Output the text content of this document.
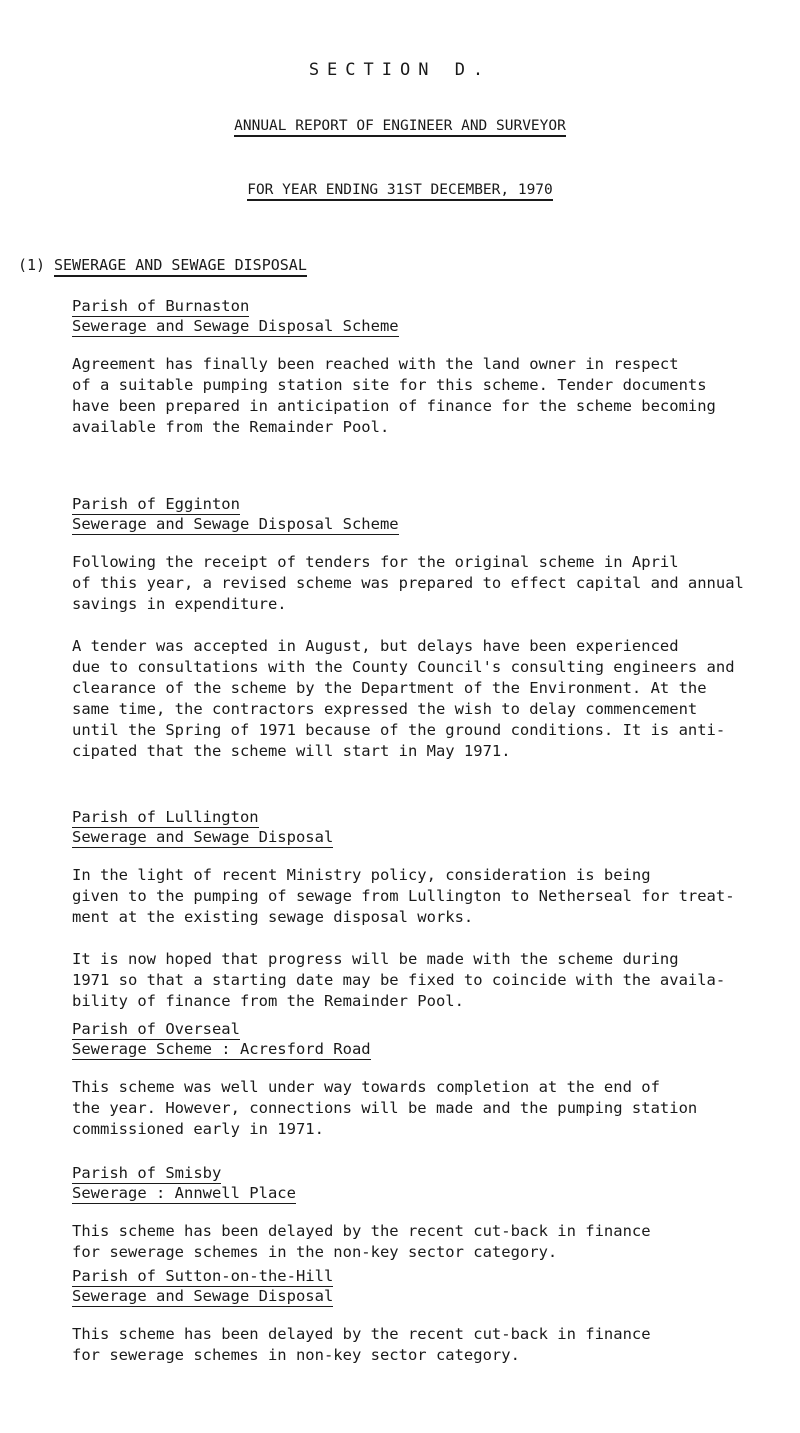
SECTION D.
ANNUAL REPORT OF ENGINEER AND SURVEYOR
FOR YEAR ENDING 31ST DECEMBER, 1970
(1) SEWERAGE AND SEWAGE DISPOSAL
Parish of Burnaston
Sewerage and Sewage Disposal Scheme

Agreement has finally been reached with the land owner in respect
of a suitable pumping station site for this scheme. Tender documents
have been prepared in anticipation of finance for the scheme becoming
available from the Remainder Pool.

Parish of Egginton
Sewerage and Sewage Disposal Scheme

Following the receipt of tenders for the original scheme in April
of this year, a revised scheme was prepared to effect capital and annual
savings in expenditure.

A tender was accepted in August, but delays have been experienced
due to consultations with the County Council's consulting engineers and
clearance of the scheme by the Department of the Environment. At the
same time, the contractors expressed the wish to delay commencement
until the Spring of 1971 because of the ground conditions. It is anti-
cipated that the scheme will start in May 1971.

Parish of Lullington
Sewerage and Sewage Disposal

In the light of recent Ministry policy, consideration is being
given to the pumping of sewage from Lullington to Netherseal for treat-
ment at the existing sewage disposal works.

It is now hoped that progress will be made with the scheme during
1971 so that a starting date may be fixed to coincide with the availa-
bility of finance from the Remainder Pool.

Parish of Overseal
Sewerage Scheme : Acresford Road

This scheme was well under way towards completion at the end of
the year. However, connections will be made and the pumping station
commissioned early in 1971.

Parish of Smisby
Sewerage : Annwell Place

This scheme has been delayed by the recent cut-back in finance
for sewerage schemes in the non-key sector category.

Parish of Sutton-on-the-Hill
Sewerage and Sewage Disposal

This scheme has been delayed by the recent cut-back in finance
for sewerage schemes in non-key sector category.
